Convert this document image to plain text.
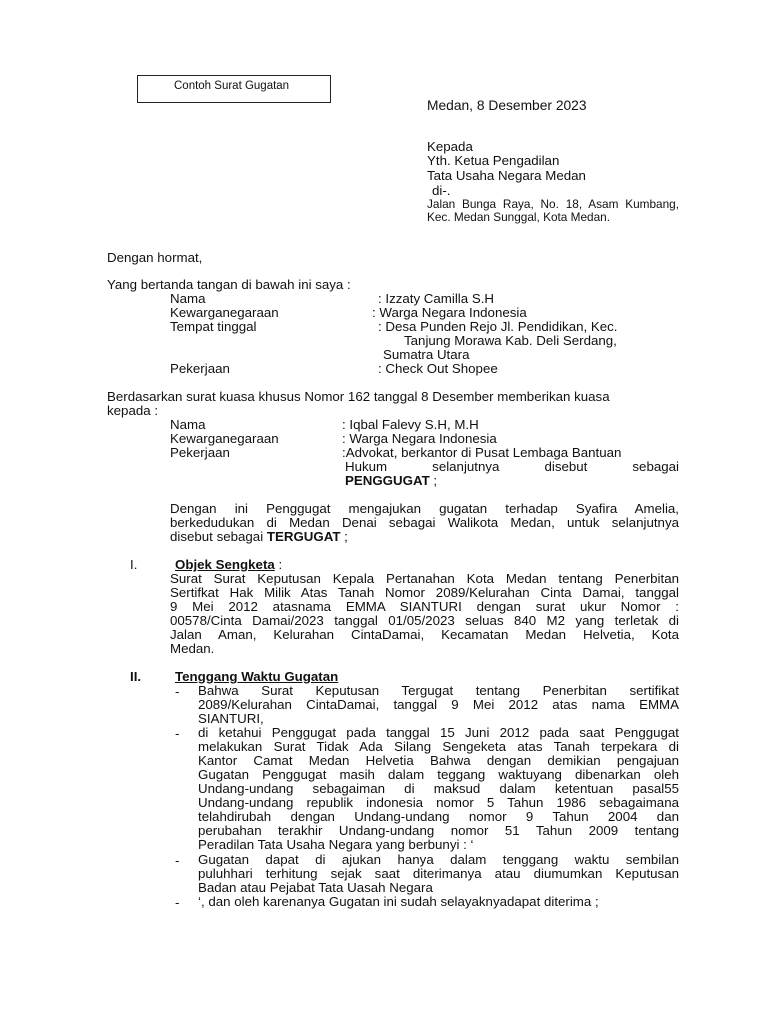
Contoh Surat Gugatan
Medan, 8 Desember 2023
Kepada
Yth. Ketua Pengadilan
Tata Usaha Negara Medan
di-.
Jalan Bunga Raya, No. 18, Asam Kumbang, Kec. Medan Sunggal, Kota Medan.
Dengan hormat,
Yang bertanda tangan di bawah ini saya :
Nama	: Izzaty Camilla S.H
Kewarganegaraan	: Warga Negara Indonesia
Tempat tinggal	: Desa Punden Rejo Jl. Pendidikan, Kec.
Tanjung Morawa Kab. Deli Serdang,
Sumatra Utara
Pekerjaan	: Check Out Shopee
Berdasarkan surat kuasa khusus Nomor 162 tanggal 8 Desember memberikan kuasa
kepada :
Nama	: Iqbal Falevy S.H, M.H
Kewarganegaraan	: Warga Negara Indonesia
Pekerjaan	:Advokat, berkantor di Pusat Lembaga Bantuan
Hukum selanjutnya disebut sebagai
PENGGUGAT ;
Dengan ini Penggugat mengajukan gugatan terhadap Syafira Amelia,
berkedudukan di Medan Denai sebagai Walikota Medan, untuk selanjutnya
disebut sebagai TERGUGAT ;
I.	Objek Sengketa :
Surat Surat Keputusan Kepala Pertanahan Kota Medan tentang Penerbitan
Sertifkat Hak Milik Atas Tanah Nomor 2089/Kelurahan Cinta Damai, tanggal
9 Mei 2012 atasnama EMMA SIANTURI dengan surat ukur Nomor :
00578/Cinta Damai/2023 tanggal 01/05/2023 seluas 840 M2 yang terletak di
Jalan Aman, Kelurahan CintaDamai, Kecamatan Medan Helvetia, Kota
Medan.
II.	Tenggang Waktu Gugatan
- Bahwa Surat Keputusan Tergugat tentang Penerbitan sertifikat
2089/Kelurahan CintaDamai, tanggal 9 Mei 2012 atas nama EMMA
SIANTURI,
- di ketahui Penggugat pada tanggal 15 Juni 2012 pada saat Penggugat
melakukan Surat Tidak Ada Silang Sengeketa atas Tanah terpekara di
Kantor Camat Medan Helvetia Bahwa dengan demikian pengajuan
Gugatan Penggugat masih dalam teggang waktuyang dibenarkan oleh
Undang-undang sebagaiman di maksud dalam ketentuan pasal55
Undang-undang republik indonesia nomor 5 Tahun 1986 sebagaimana
telahdirubah dengan Undang-undang nomor 9 Tahun 2004 dan
perubahan terakhir Undang-undang nomor 51 Tahun 2009 tentang
Peradilan Tata Usaha Negara yang berbunyi : ‘
- Gugatan dapat di ajukan hanya dalam tenggang waktu sembilan
puluhhari terhitung sejak saat diterimanya atau diumumkan Keputusan
Badan atau Pejabat Tata Uasah Negara
- ‘, dan oleh karenanya Gugatan ini sudah selayaknyadapat diterima ;
